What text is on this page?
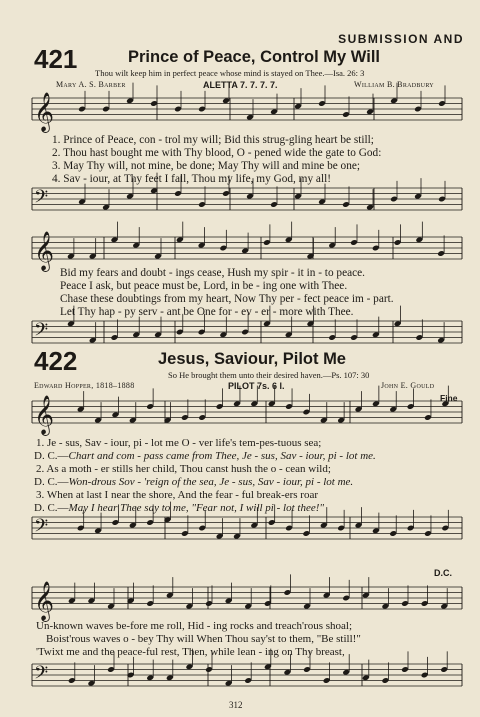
𝄞
𝄢
𝄞
𝄢
𝄞
𝄢
𝄞
𝄢
SUBMISSION AND
421	Prince of Peace, Control My Will
Thou wilt keep him in perfect peace whose mind is stayed on Thee.—Isa. 26: 3
Mary A. S. Barber	ALETTA 7. 7. 7. 7.	William B. Bradbury
1. Prince of Peace, con - trol my will; Bid this strug-gling heart be still;
2. Thou hast bought me with Thy blood, O - pened wide the gate to God:
3. May Thy will, not mine, be done; May Thy will and mine be one;
4. Sav - iour, at Thy feet I fall, Thou my life, my God, my all!
Bid my fears and doubt - ings cease, Hush my spir - it in - to peace.
Peace I ask, but peace must be, Lord, in be - ing one with Thee.
Chase these doubtings from my heart, Now Thy per - fect peace im - part.
Let Thy hap - py serv - ant be One for - ev - er - more with Thee.
422	Jesus, Saviour, Pilot Me
So He brought them unto their desired haven.—Ps. 107: 30
Edward Hopper, 1818–1888	PILOT 7s. 6 l.	John E. Gould
Fine
1. Je - sus, Sav - iour, pi - lot me O - ver life's tem-pes-tuous sea;
D. C.—Chart and com - pass came from Thee, Je - sus, Sav - iour, pi - lot me.
2. As a moth - er stills her child, Thou canst hush the o - cean wild;
D. C.—Won-drous Sov - 'reign of the sea, Je - sus, Sav - iour, pi - lot me.
3. When at last I near the shore, And the fear - ful break-ers roar
D. C.—May I hear Thee say to me, "Fear not, I will pi - lot thee!"
D.C.
Un-known waves be-fore me roll, Hid - ing rocks and treach'rous shoal;
Boist'rous waves o - bey Thy will When Thou say'st to them, "Be still!"
'Twixt me and the peace-ful rest, Then, while lean - ing on Thy breast,
312
